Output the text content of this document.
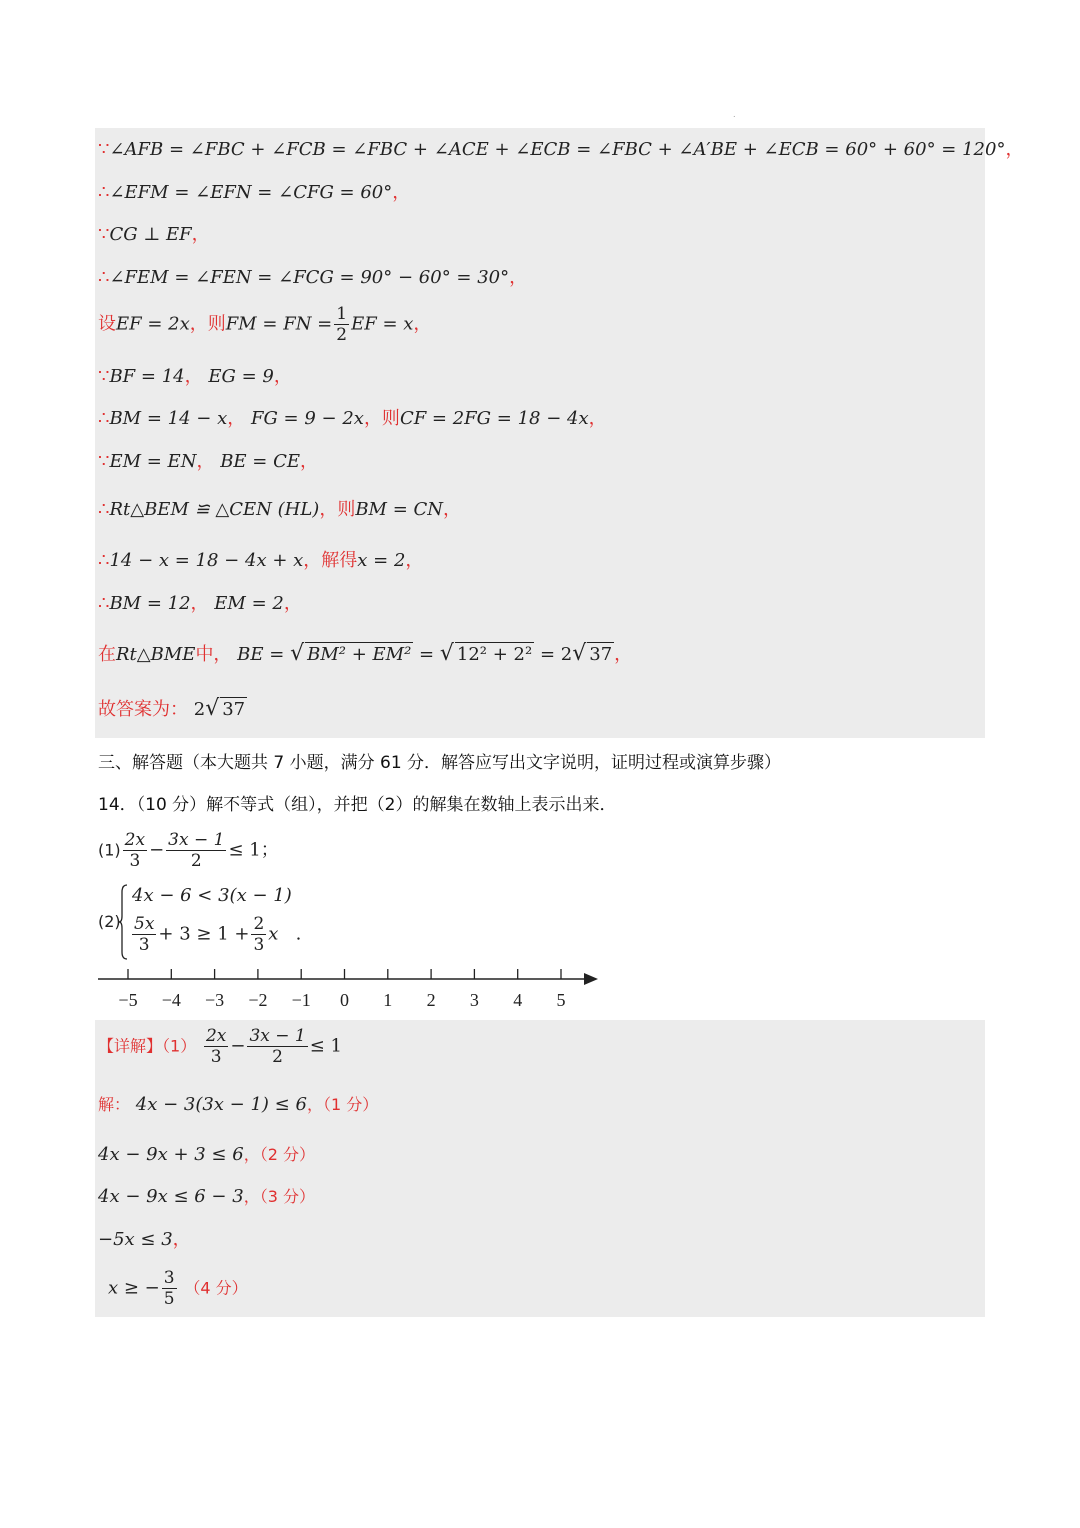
.
∵∠AFB = ∠FBC + ∠FCB = ∠FBC + ∠ACE + ∠ECB = ∠FBC + ∠A′BE + ∠ECB = 60° + 60° = 120°，
∴∠EFM = ∠EFN = ∠CFG = 60°，
∵CG ⊥ EF，
∴∠FEM = ∠FEN = ∠FCG = 90° − 60° = 30°，
设EF = 2x，则FM = FN = $\frac{1}{2}$ EF = x，
∵BF = 14， EG = 9，
∴BM = 14 − x， FG = 9 − 2x，则CF = 2FG = 18 − 4x，
∵EM = EN， BE = CE，
∴Rt△BEM ≌ △CEN (HL)，则BM = CN，
∴14 − x = 18 − 4x + x，解得x = 2，
∴BM = 12， EM = 2，
在Rt△BME中， BE = √ BM² + EM² = √ 12² + 2² = 2√ 37 ，
故答案为： 2√ 37
三、解答题（本大题共 7 小题，满分 61 分．解答应写出文字说明，证明过程或演算步骤）
14．（10 分）解不等式（组），并把（2）的解集在数轴上表示出来．
$(1) \frac{2x}{3} - \frac{3x - 1}{2} \le 1$；
(2)
4x − 6 < 3(x − 1)
$\frac{5x}{3} + 3 \ge 1 + \frac{2}{3}$ x .
−5 −4 −3 −2 −1 0 1 2 3 4 5
【详解】$(1) \frac{2x}{3} - \frac{3x - 1}{2} \le 1$
解： 4x − 3(3x − 1) ≤ 6，（1 分）
4x − 9x + 3 ≤ 6，（2 分）
4x − 9x ≤ 6 − 3，（3 分）
−5x ≤ 3，
x ≥ − $\frac{3}{5} (4$ 分）
